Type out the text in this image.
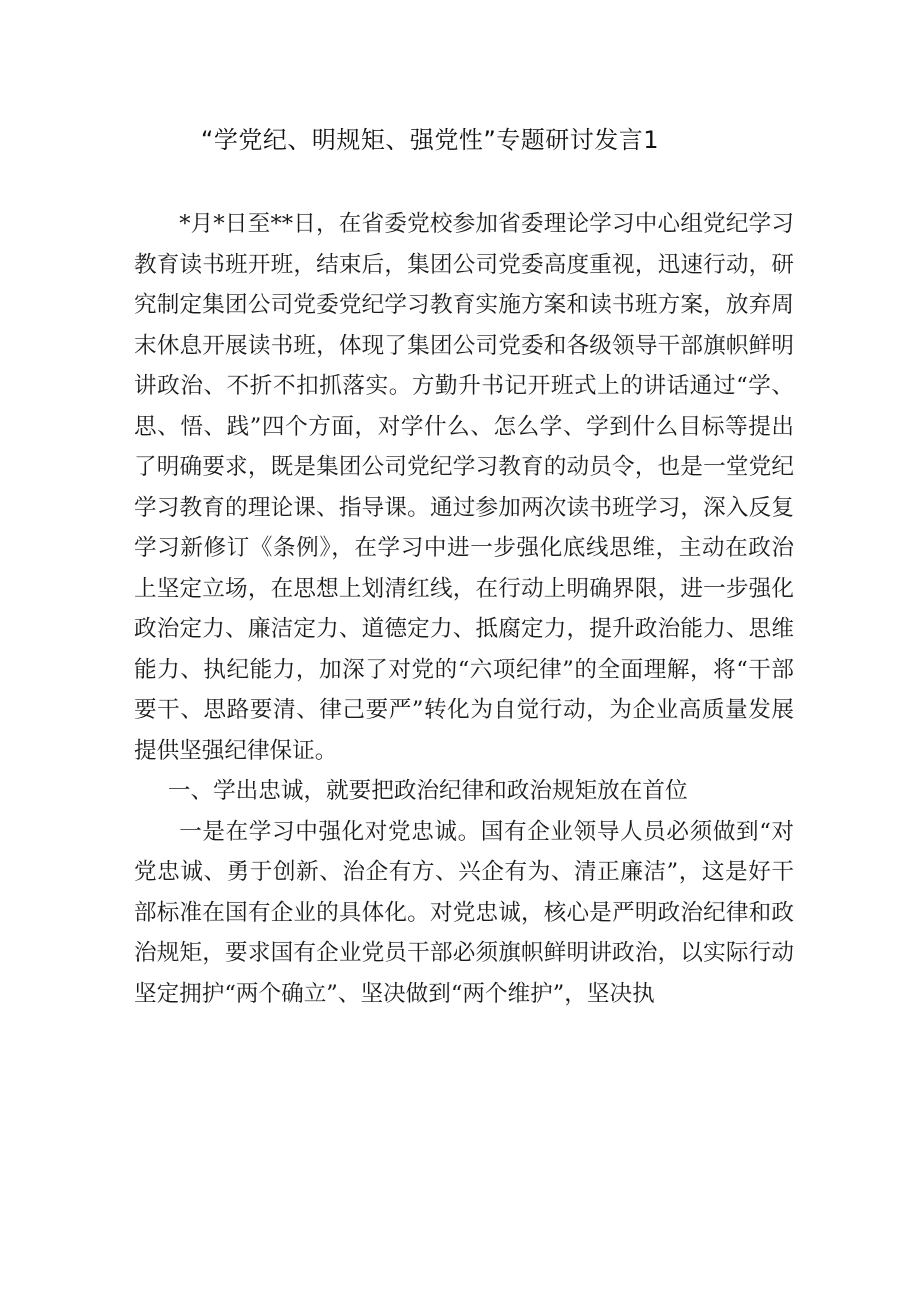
“学党纪、明规矩、强党性”专题研讨发言1

*月*日至**日，在省委党校参加省委理论学习中心组党纪学习教育读书班开班，结束后，集团公司党委高度重视，迅速行动，研究制定集团公司党委党纪学习教育实施方案和读书班方案，放弃周末休息开展读书班，体现了集团公司党委和各级领导干部旗帜鲜明讲政治、不折不扣抓落实。方勤升书记开班式上的讲话通过“学、思、悟、践”四个方面，对学什么、怎么学、学到什么目标等提出了明确要求，既是集团公司党纪学习教育的动员令，也是一堂党纪学习教育的理论课、指导课。通过参加两次读书班学习，深入反复学习新修订《条例》，在学习中进一步强化底线思维，主动在政治上坚定立场，在思想上划清红线，在行动上明确界限，进一步强化政治定力、廉洁定力、道德定力、抵腐定力，提升政治能力、思维能力、执纪能力，加深了对党的“六项纪律”的全面理解，将“干部要干、思路要清、律己要严”转化为自觉行动，为企业高质量发展提供坚强纪律保证。

一、学出忠诚，就要把政治纪律和政治规矩放在首位

一是在学习中强化对党忠诚。国有企业领导人员必须做到“对党忠诚、勇于创新、治企有方、兴企有为、清正廉洁”，这是好干部标准在国有企业的具体化。对党忠诚，核心是严明政治纪律和政治规矩，要求国有企业党员干部必须旗帜鲜明讲政治，以实际行动坚定拥护“两个确立”、坚决做到“两个维护”，坚决执
